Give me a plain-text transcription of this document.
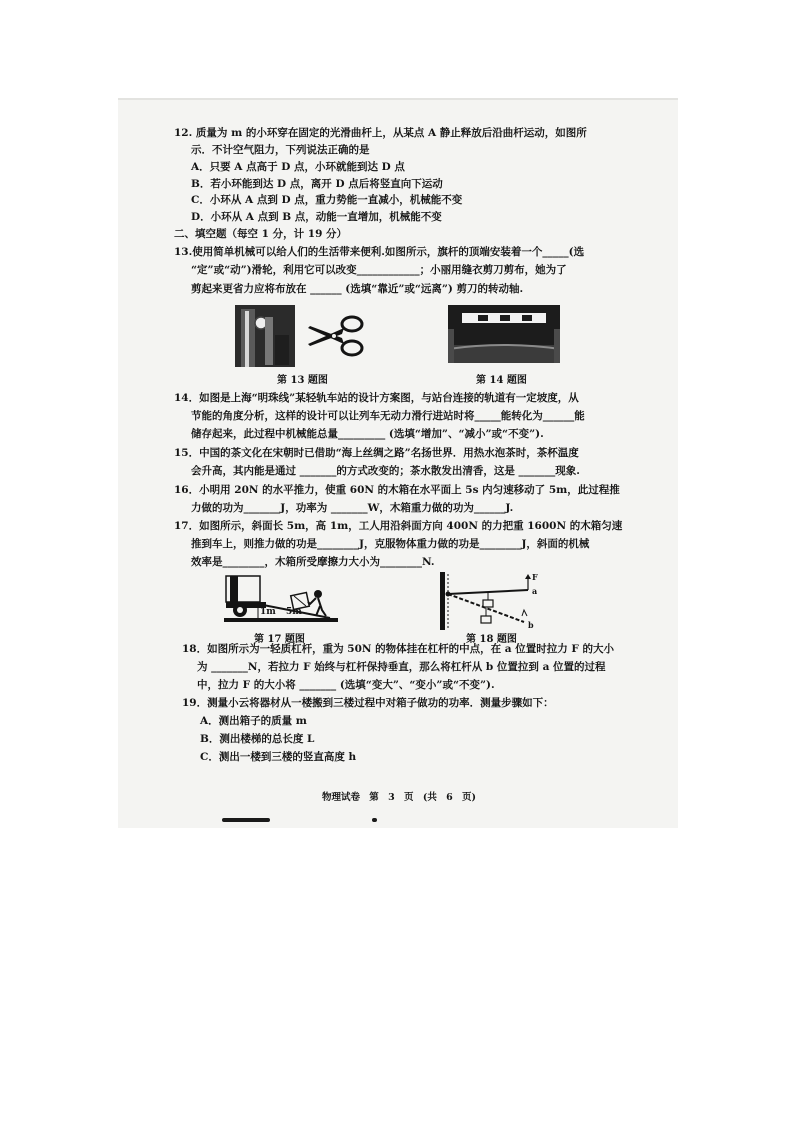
12. 质量为 m 的小环穿在固定的光滑曲杆上，从某点 A 静止释放后沿曲杆运动，如图所
示．不计空气阻力，下列说法正确的是
A．只要 A 点高于 D 点，小环就能到达 D 点
B．若小环能到达 D 点，离开 D 点后将竖直向下运动
C．小环从 A 点到 D 点，重力势能一直减小，机械能不变
D．小环从 A 点到 B 点，动能一直增加，机械能不变
二、填空题（每空 1 分，计 19 分）
13.使用简单机械可以给人们的生活带来便利.如图所示，旗杆的顶端安装着一个_____(选
“定”或“动”)滑轮，利用它可以改变____________；小丽用缝衣剪刀剪布，她为了
剪起来更省力应将布放在 ______ (选填“靠近”或“远离”) 剪刀的转动轴.
第 13 题图	第 14 题图
14．如图是上海“明珠线”某轻轨车站的设计方案图，与站台连接的轨道有一定坡度，从
节能的角度分析，这样的设计可以让列车无动力滑行进站时将_____能转化为______能
储存起来，此过程中机械能总量_________ (选填“增加”、“减小”或“不变”).
15．中国的茶文化在宋朝时已借助“海上丝绸之路”名扬世界．用热水泡茶时，茶杯温度
会升高，其内能是通过 _______的方式改变的；茶水散发出清香，这是 _______现象.
16．小明用 20N 的水平推力，使重 60N 的木箱在水平面上 5s 内匀速移动了 5m，此过程推
力做的功为_______J，功率为 _______W，木箱重力做的功为______J.
17．如图所示，斜面长 5m，高 1m，工人用沿斜面方向 400N 的力把重 1600N 的木箱匀速
推到车上，则推力做的功是________J，克服物体重力做的功是________J，斜面的机械
效率是________，木箱所受摩擦力大小为________N.
1m 5m
第 17 题图
F
a
b
第 18 题图
18．如图所示为一轻质杠杆，重为 50N 的物体挂在杠杆的中点，在 a 位置时拉力 F 的大小
为 _______N，若拉力 F 始终与杠杆保持垂直，那么将杠杆从 b 位置拉到 a 位置的过程
中，拉力 F 的大小将 _______ (选填“变大”、“变小”或“不变”).
19．测量小云将器材从一楼搬到三楼过程中对箱子做功的功率．测量步骤如下：
A．测出箱子的质量 m
B．测出楼梯的总长度 L
C．测出一楼到三楼的竖直高度 h
物理试卷 第 3 页 (共 6 页)
